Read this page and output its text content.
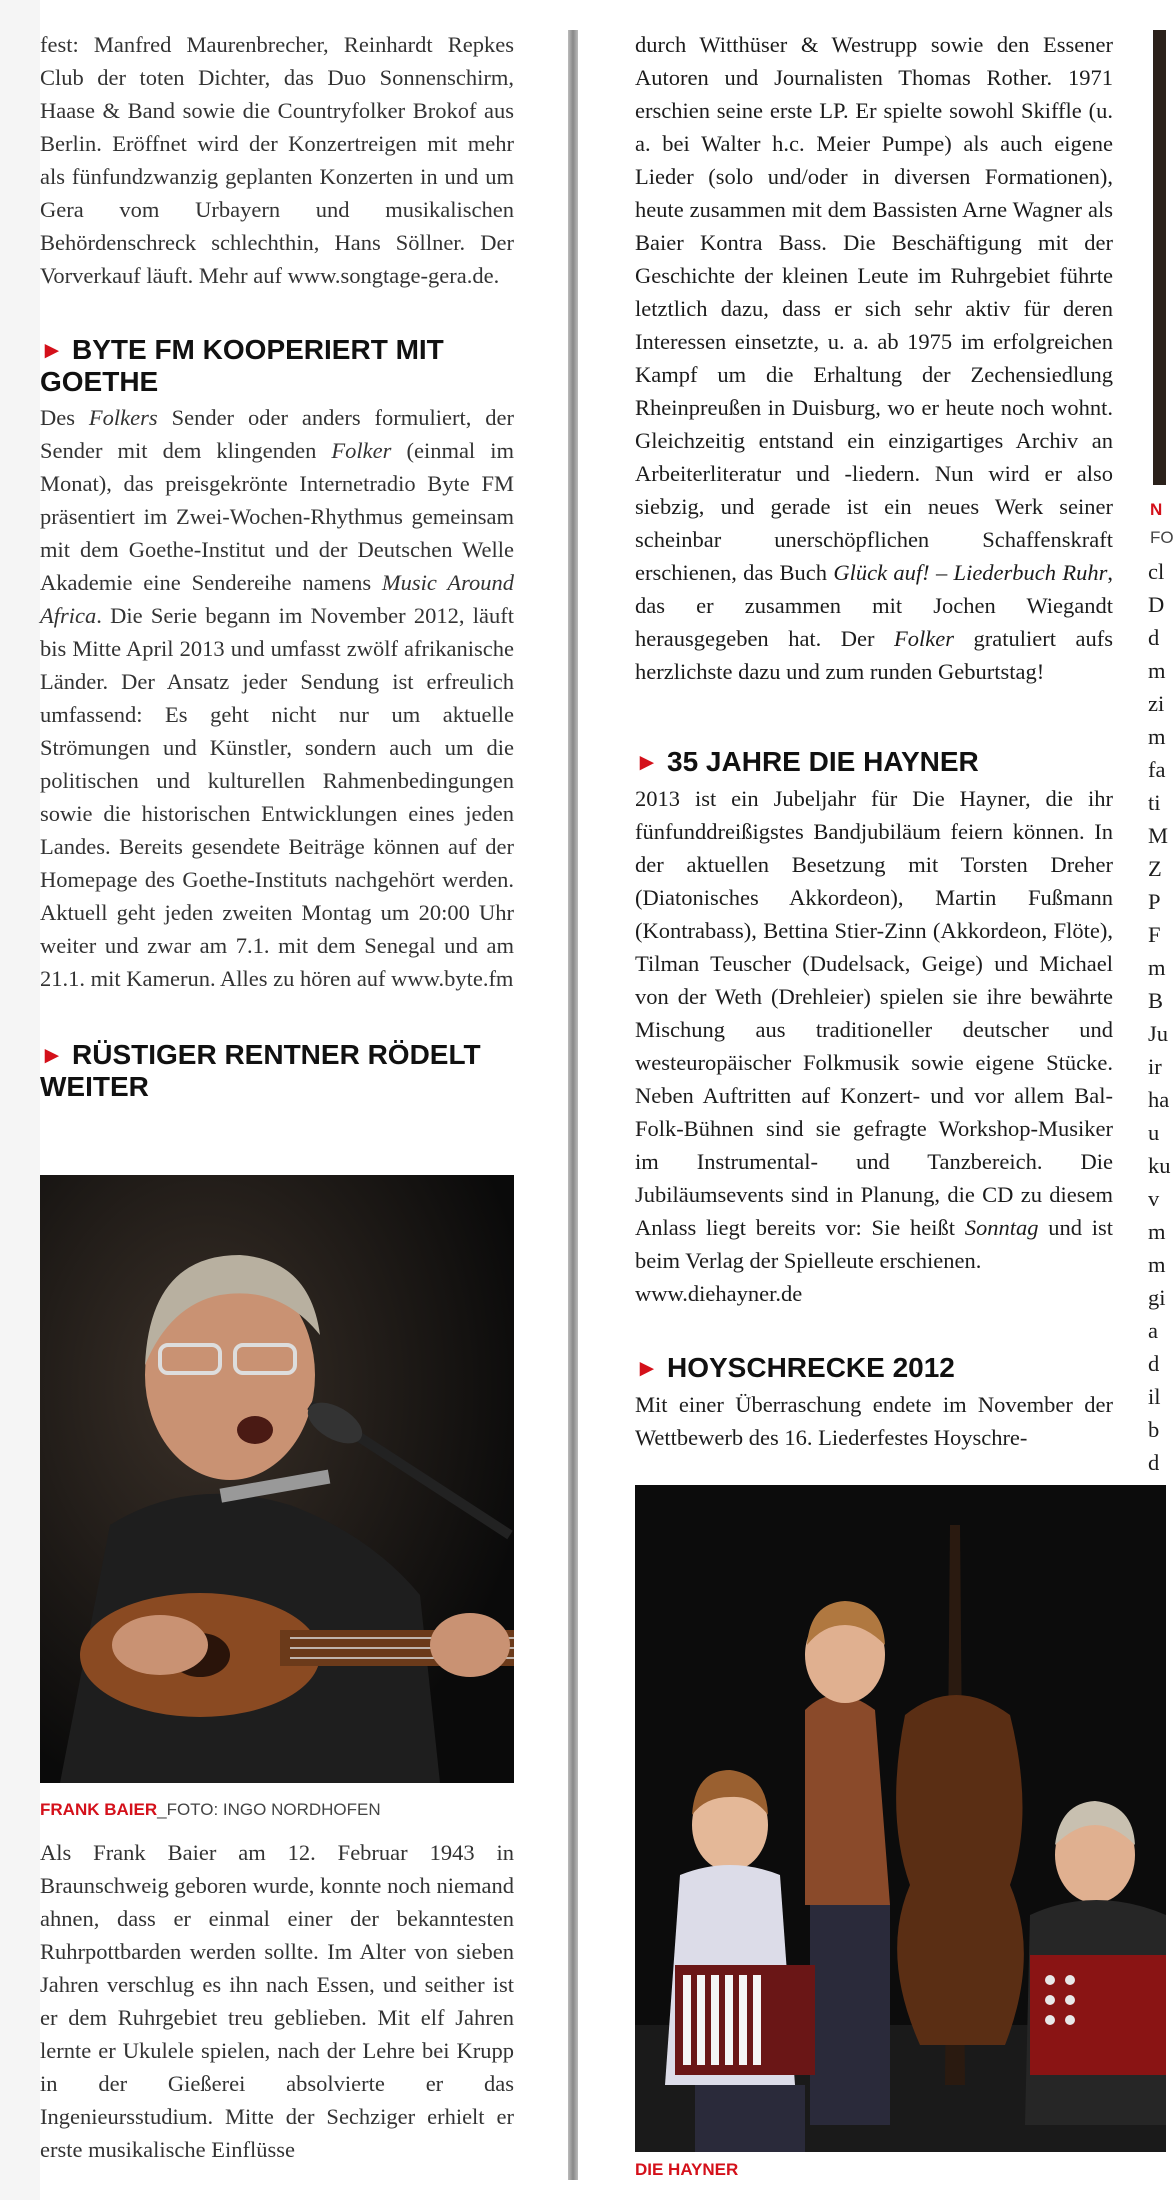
fest: Manfred Maurenbrecher, Reinhardt Repkes Club der toten Dichter, das Duo Sonnenschirm, Haase & Band sowie die Countryfolker Brokof aus Berlin. Eröffnet wird der Konzertreigen mit mehr als fünfundzwanzig geplanten Konzerten in und um Gera vom Urbayern und musikalischen Behördenschreck schlechthin, Hans Söllner. Der Vorverkauf läuft. Mehr auf www.songtage-gera.de.

► BYTE FM KOOPERIERT MIT GOETHE

Des Folkers Sender oder anders formuliert, der Sender mit dem klingenden Folker (einmal im Monat), das preisgekrönte Internetradio Byte FM präsentiert im Zwei-Wochen-Rhythmus gemeinsam mit dem Goethe-Institut und der Deutschen Welle Akademie eine Sendereihe namens Music Around Africa. Die Serie begann im November 2012, läuft bis Mitte April 2013 und umfasst zwölf afrikanische Länder. Der Ansatz jeder Sendung ist erfreulich umfassend: Es geht nicht nur um aktuelle Strömungen und Künstler, sondern auch um die politischen und kulturellen Rahmenbedingungen sowie die historischen Entwicklungen eines jeden Landes. Bereits gesendete Beiträge können auf der Homepage des Goethe-Instituts nachgehört werden. Aktuell geht jeden zweiten Montag um 20:00 Uhr weiter und zwar am 7.1. mit dem Senegal und am 21.1. mit Kamerun. Alles zu hören auf www.byte.fm

► RÜSTIGER RENTNER RÖDELT WEITER
FRANK BAIER_FOTO: INGO NORDHOFEN

Als Frank Baier am 12. Februar 1943 in Braunschweig geboren wurde, konnte noch niemand ahnen, dass er einmal einer der bekanntesten Ruhrpottbarden werden sollte. Im Alter von sieben Jahren verschlug es ihn nach Essen, und seither ist er dem Ruhrgebiet treu geblieben. Mit elf Jahren lernte er Ukulele spielen, nach der Lehre bei Krupp in der Gießerei absolvierte er das Ingenieursstudium. Mitte der Sechziger erhielt er erste musikalische Einflüsse

durch Witthüser & Westrupp sowie den Essener Autoren und Journalisten Thomas Rother. 1971 erschien seine erste LP. Er spielte sowohl Skiffle (u. a. bei Walter h.c. Meier Pumpe) als auch eigene Lieder (solo und/oder in diversen Formationen), heute zusammen mit dem Bassisten Arne Wagner als Baier Kontra Bass. Die Beschäftigung mit der Geschichte der kleinen Leute im Ruhrgebiet führte letztlich dazu, dass er sich sehr aktiv für deren Interessen einsetzte, u. a. ab 1975 im erfolgreichen Kampf um die Erhaltung der Zechensiedlung Rheinpreußen in Duisburg, wo er heute noch wohnt. Gleichzeitig entstand ein einzigartiges Archiv an Arbeiterliteratur und -liedern. Nun wird er also siebzig, und gerade ist ein neues Werk seiner scheinbar unerschöpflichen Schaffenskraft erschienen, das Buch Glück auf! – Liederbuch Ruhr, das er zusammen mit Jochen Wiegandt herausgegeben hat. Der Folker gratuliert aufs herzlichste dazu und zum runden Geburtstag!

► 35 JAHRE DIE HAYNER

2013 ist ein Jubeljahr für Die Hayner, die ihr fünfunddreißigstes Bandjubiläum feiern können. In der aktuellen Besetzung mit Torsten Dreher (Diatonisches Akkordeon), Martin Fußmann (Kontrabass), Bettina Stier-Zinn (Akkordeon, Flöte), Tilman Teuscher (Dudelsack, Geige) und Michael von der Weth (Drehleier) spielen sie ihre bewährte Mischung aus traditioneller deutscher und westeuropäischer Folkmusik sowie eigene Stücke. Neben Auftritten auf Konzert- und vor allem Bal-Folk-Bühnen sind sie gefragte Workshop-Musiker im Instrumental- und Tanzbereich. Die Jubiläumsevents sind in Planung, die CD zu diesem Anlass liegt bereits vor: Sie heißt Sonntag und ist beim Verlag der Spielleute erschienen.

www.diehayner.de

► HOYSCHRECKE 2012

Mit einer Überraschung endete im November der Wettbewerb des 16. Liederfestes Hoyschre-

DIE HAYNER
N
FO
cl
D
d
m
zi
m
fa
ti
M
Z
P
F
m
B
Ju
ir
ha
u
ku
v
m
m
gi
a
d
il
b
d
